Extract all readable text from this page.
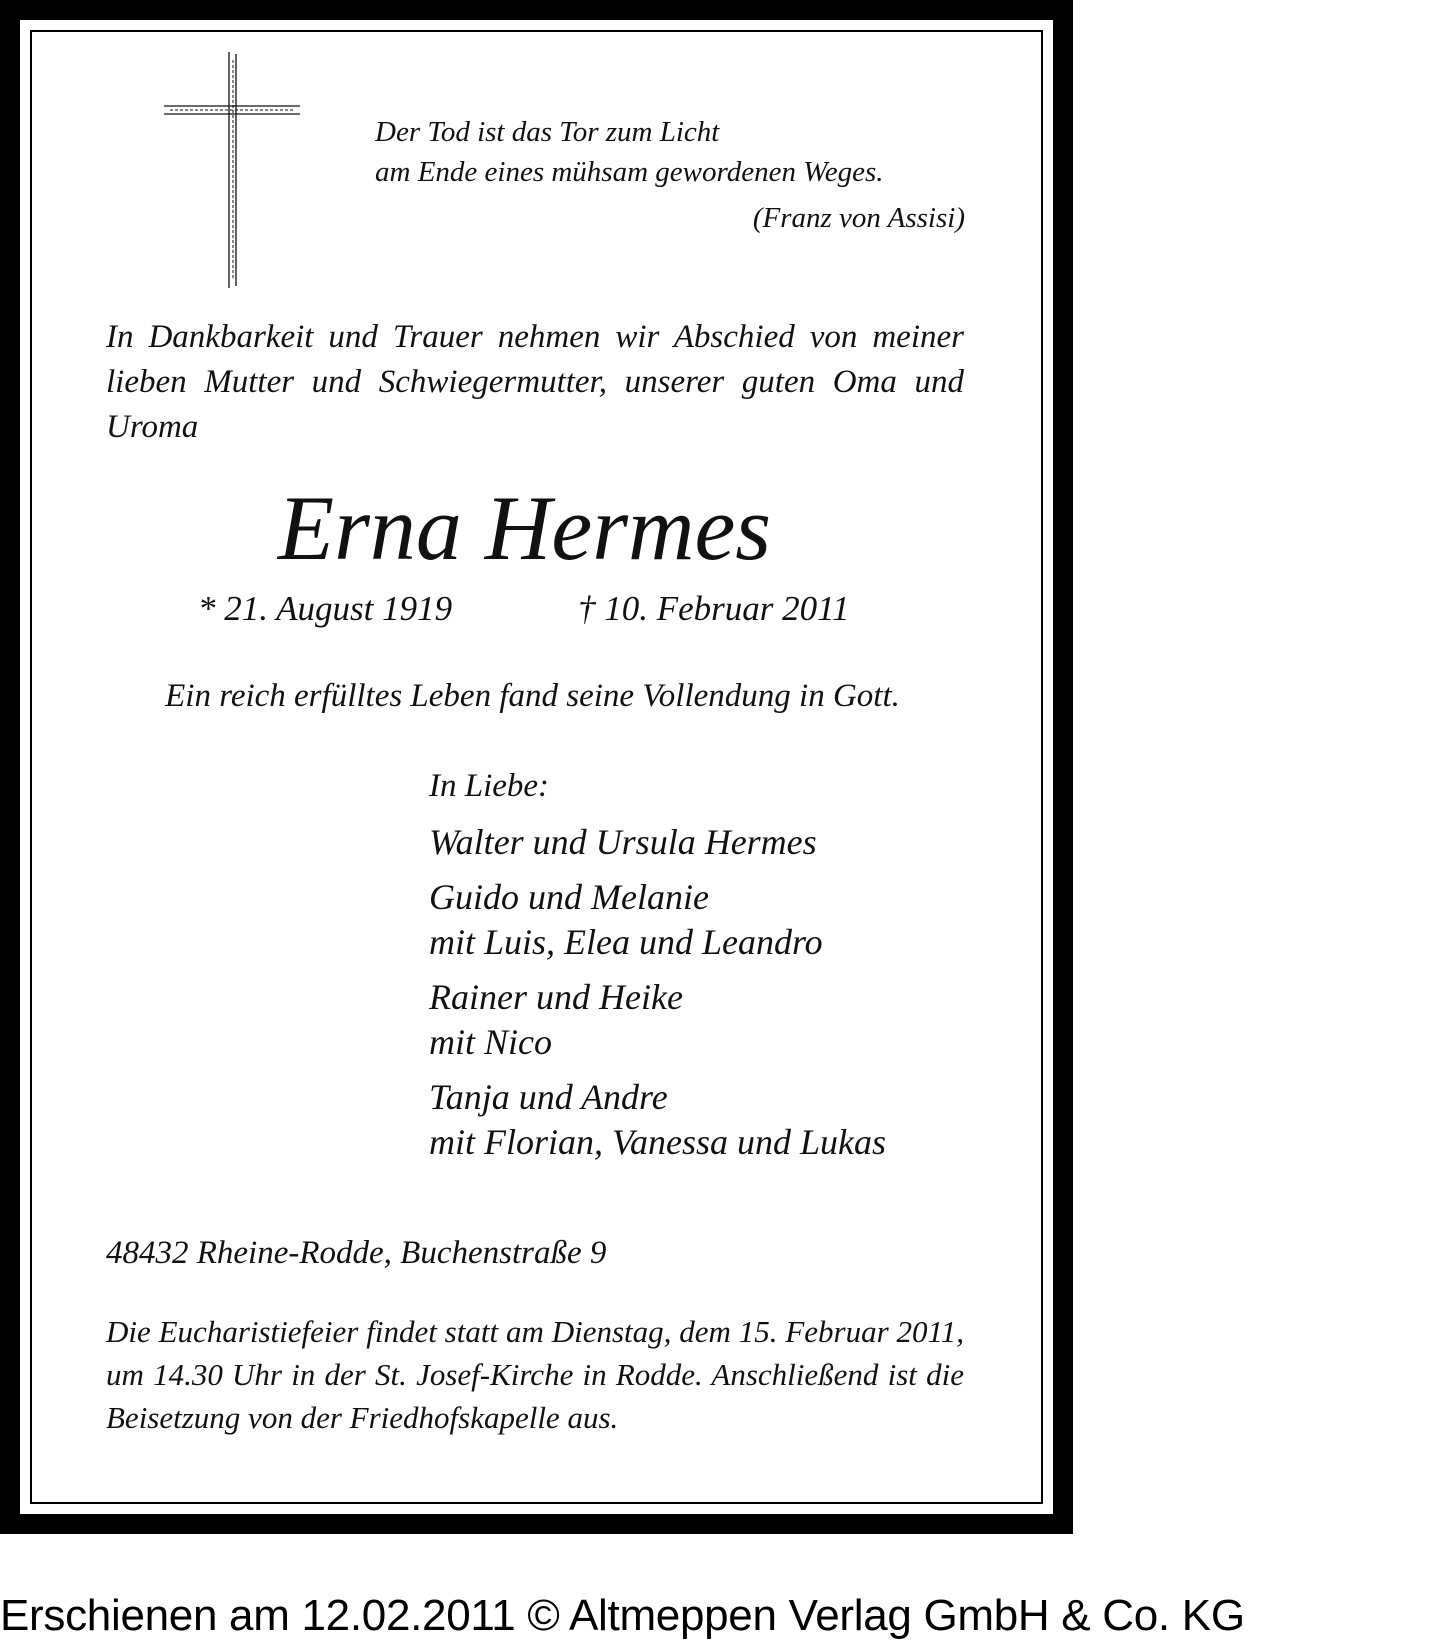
Der Tod ist das Tor zum Licht
am Ende eines mühsam gewordenen Weges.
(Franz von Assisi)
In Dankbarkeit und Trauer nehmen wir Abschied von meiner lieben Mutter und Schwiegermutter, unserer guten Oma und Uroma
Erna Hermes
* 21. August 1919	† 10. Februar 2011
Ein reich erfülltes Leben fand seine Vollendung in Gott.
In Liebe:
Walter und Ursula Hermes
Guido und Melanie
mit Luis, Elea und Leandro
Rainer und Heike
mit Nico
Tanja und Andre
mit Florian, Vanessa und Lukas
48432 Rheine-Rodde, Buchenstraße 9
Die Eucharistiefeier findet statt am Dienstag, dem 15. Februar 2011, um 14.30 Uhr in der St. Josef-Kirche in Rodde. Anschließend ist die Beisetzung von der Friedhofskapelle aus.
Erschienen am 12.02.2011 © Altmeppen Verlag GmbH & Co. KG
